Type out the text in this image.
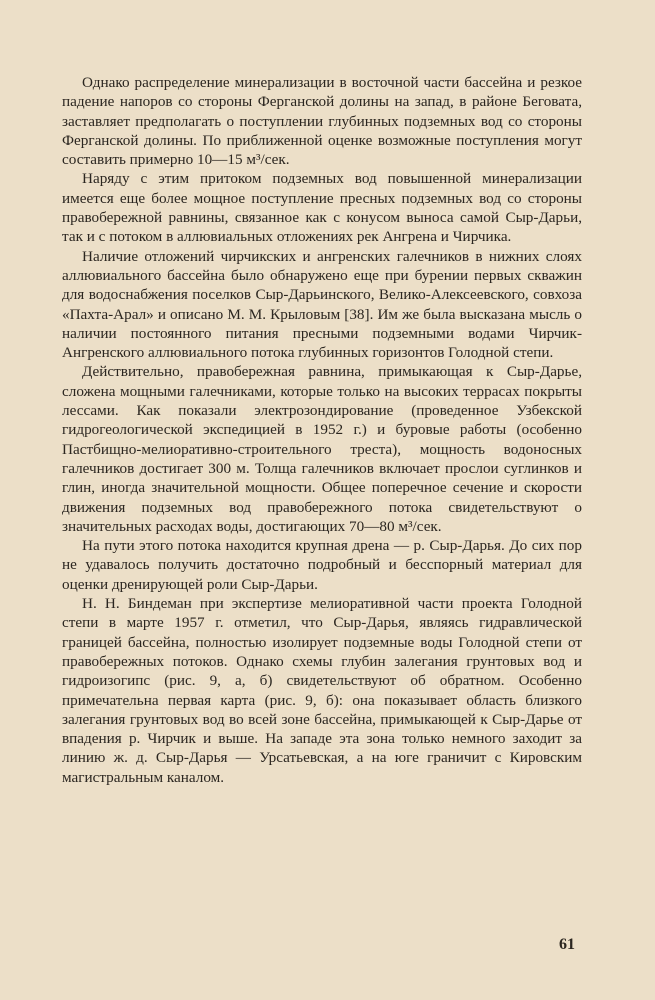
Однако распределение минерализации в восточной части бассейна и резкое падение напоров со стороны Ферганской долины на запад, в районе Беговата, заставляет предполагать о поступлении глубинных подземных вод со стороны Ферганской долины. По приближенной оценке возможные поступления могут составить примерно 10—15 м³/сек.

Наряду с этим притоком подземных вод повышенной минерализации имеется еще более мощное поступление пресных подземных вод со стороны правобережной равнины, связанное как с конусом выноса самой Сыр-Дарьи, так и с потоком в аллювиальных отложениях рек Ангрена и Чирчика.

Наличие отложений чирчикских и ангренских галечников в нижних слоях аллювиального бассейна было обнаружено еще при бурении первых скважин для водоснабжения поселков Сыр-Дарьинского, Велико-Алексеевского, совхоза «Пахта-Арал» и описано М. М. Крыловым [38]. Им же была высказана мысль о наличии постоянного питания пресными подземными водами Чирчик-Ангренского аллювиального потока глубинных горизонтов Голодной степи.

Действительно, правобережная равнина, примыкающая к Сыр-Дарье, сложена мощными галечниками, которые только на высоких террасах покрыты лессами. Как показали электрозондирование (проведенное Узбекской гидрогеологической экспедицией в 1952 г.) и буровые работы (особенно Пастбищно-мелиоративно-строительного треста), мощность водоносных галечников достигает 300 м. Толща галечников включает прослои суглинков и глин, иногда значительной мощности. Общее поперечное сечение и скорости движения подземных вод правобережного потока свидетельствуют о значительных расходах воды, достигающих 70—80 м³/сек.

На пути этого потока находится крупная дрена — р. Сыр-Дарья. До сих пор не удавалось получить достаточно подробный и бесспорный материал для оценки дренирующей роли Сыр-Дарьи.

Н. Н. Биндеман при экспертизе мелиоративной части проекта Голодной степи в марте 1957 г. отметил, что Сыр-Дарья, являясь гидравлической границей бассейна, полностью изолирует подземные воды Голодной степи от правобережных потоков. Однако схемы глубин залегания грунтовых вод и гидроизогипс (рис. 9, а, б) свидетельствуют об обратном. Особенно примечательна первая карта (рис. 9, б): она показывает область близкого залегания грунтовых вод во всей зоне бассейна, примыкающей к Сыр-Дарье от впадения р. Чирчик и выше. На западе эта зона только немного заходит за линию ж. д. Сыр-Дарья — Урсатьевская, а на юге граничит с Кировским магистральным каналом.

61
